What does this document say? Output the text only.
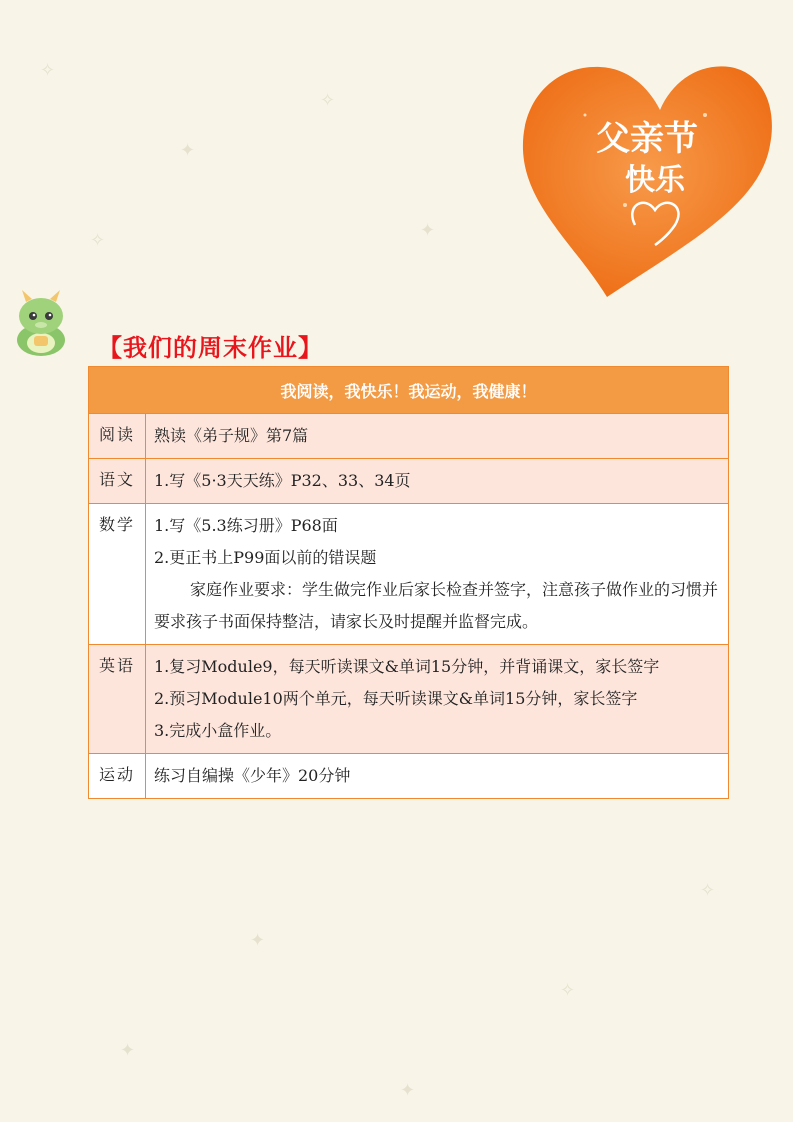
✧
✦
✧
✦
✧
✦
✧
✦
✧
✦
父亲节
快乐
【我们的周末作业】
我阅读，我快乐！我运动，我健康！	
阅读	熟读《弟子规》第7篇

语文	1.写《5·3天天练》P32、33、34页

数学	1.写《5.3练习册》P68面
2.更正书上P99面以前的错误题
家庭作业要求：学生做完作业后家长检查并签字，注意孩子做作业的习惯并要求孩子书面保持整洁，请家长及时提醒并监督完成。

英语	1.复习Module9，每天听读课文&单词15分钟，并背诵课文，家长签字
2.预习Module10两个单元，每天听读课文&单词15分钟，家长签字
3.完成小盒作业。

运动	练习自编操《少年》20分钟
